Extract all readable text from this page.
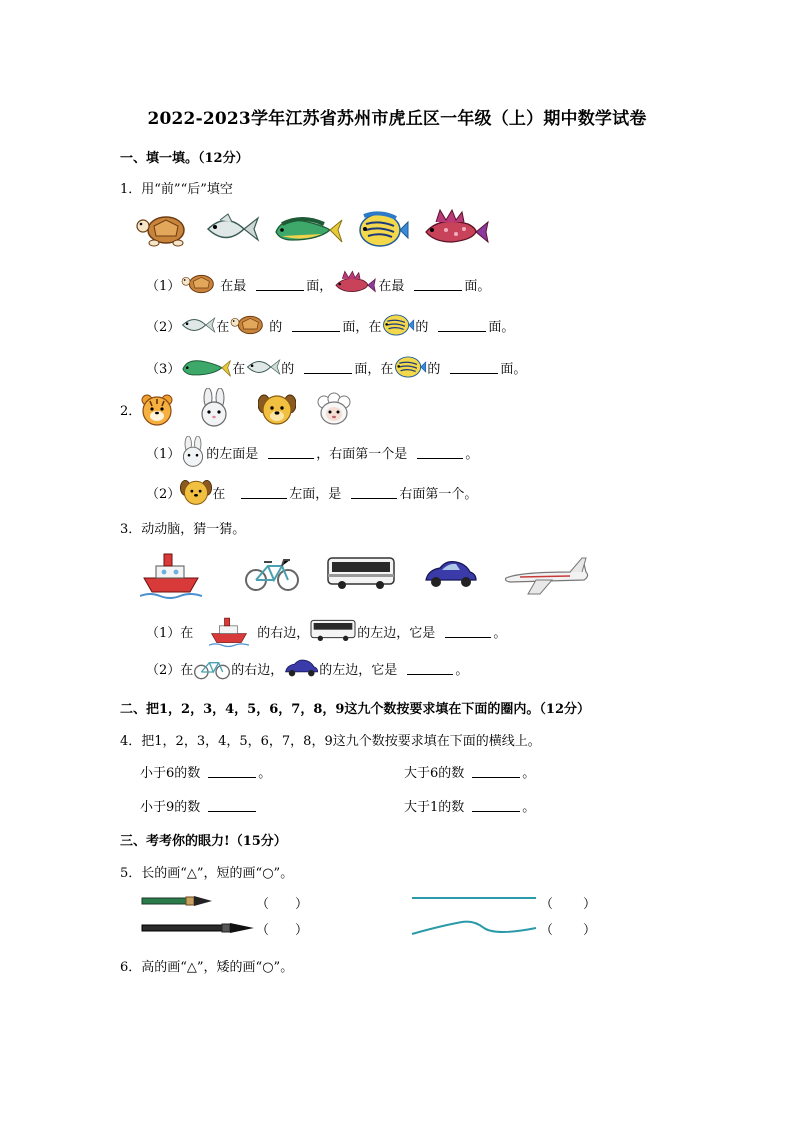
2022-2023学年江苏省苏州市虎丘区一年级（上）期中数学试卷
一、填一填。（12分）
1．用“前”“后”填空
（1）	在最	面，	在最	面。
（2）	在	的	面，在	的	面。
（3）	在	的	面，在	的	面。
2．
（1） 的左面是	，右面第一个是	。
（2） 在	左面，是	右面第一个。
3．动动脑，猜一猜。
（1）在	的右边，	的左边，它是	。
（2）在	的右边，	的左边，它是	。
二、把1，2，3，4，5，6，7，8，9这九个数按要求填在下面的圈内。（12分）
4．把1，2，3，4，5，6，7，8，9这九个数按要求填在下面的横线上。
小于6的数	。	大于6的数	。
小于9的数	大于1的数	。
三、考考你的眼力!（15分）
5．长的画“△”，短的画“○”。
（ ）
（ ）
（ ）
（ ）
6．高的画“△”，矮的画“○”。
